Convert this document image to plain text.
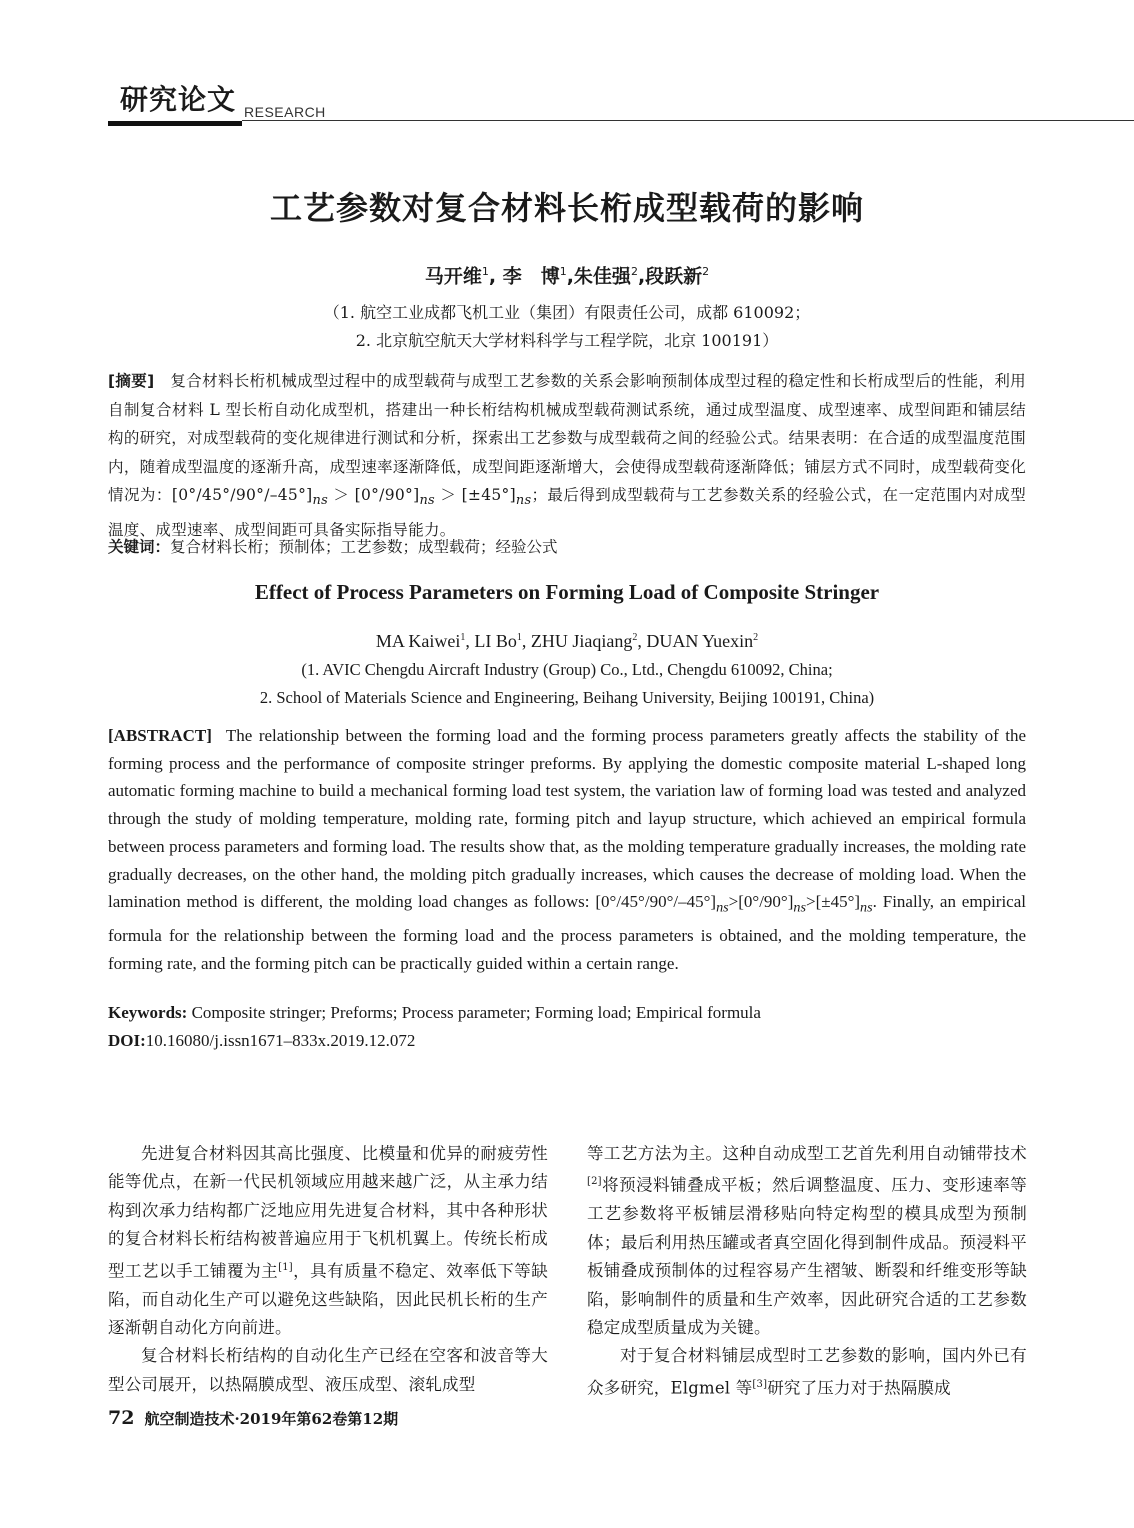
研究论文 RESEARCH
工艺参数对复合材料长桁成型载荷的影响
马开维$^1$, 李　博$^1$,朱佳强$^2$,段跃新$^2$
（1. 航空工业成都飞机工业（集团）有限责任公司，成都 610092；
2. 北京航空航天大学材料科学与工程学院，北京 100191）
[摘要]　 复合材料长桁机械成型过程中的成型载荷与成型工艺参数的关系会影响预制体成型过程的稳定性和长桁成型后的性能，利用自制复合材料 L 型长桁自动化成型机，搭建出一种长桁结构机械成型载荷测试系统，通过成型温度、成型速率、成型间距和铺层结构的研究，对成型载荷的变化规律进行测试和分析，探索出工艺参数与成型载荷之间的经验公式。结果表明：在合适的成型温度范围内，随着成型温度的逐渐升高，成型速率逐渐降低，成型间距逐渐增大，会使得成型载荷逐渐降低；铺层方式不同时，成型载荷变化情况为：$[0^\circ/45^\circ/90^\circ/-45^\circ]_{ns} > [0^\circ/90^\circ]_{ns} > [\pm 45^\circ]_{ns}$；最后得到成型载荷与工艺参数关系的经验公式，在一定范围内对成型温度、成型速率、成型间距可具备实际指导能力。
关键词：复合材料长桁；预制体；工艺参数；成型载荷；经验公式
Effect of Process Parameters on Forming Load of Composite Stringer
MA Kaiwei$^1$, LI Bo$^1$, ZHU Jiaqiang$^2$, DUAN Yuexin$^2$
(1. AVIC Chengdu Aircraft Industry (Group) Co., Ltd., Chengdu 610092, China;
2. School of Materials Science and Engineering, Beihang University, Beijing 100191, China)
[ABSTRACT] The relationship between the forming load and the forming process parameters greatly affects the stability of the forming process and the performance of composite stringer preforms. By applying the domestic composite material L-shaped long automatic forming machine to build a mechanical forming load test system, the variation law of forming load was tested and analyzed through the study of molding temperature, molding rate, forming pitch and layup structure, which achieved an empirical formula between process parameters and forming load. The results show that, as the molding temperature gradually increases, the molding rate gradually decreases, on the other hand, the molding pitch gradually increases, which causes the decrease of molding load. When the lamination method is different, the molding load changes as follows: $[0^\circ/45^\circ/90^\circ/-45^\circ]_{ns}>[0^\circ/90^\circ]_{ns}>[\pm 45^\circ]_{ns}$. Finally, an empirical formula for the relationship between the forming load and the process parameters is obtained, and the molding temperature, the forming rate, and the forming pitch can be practically guided within a certain range.
Keywords: Composite stringer; Preforms; Process parameter; Forming load; Empirical formula
DOI:10.16080/j.issn1671–833x.2019.12.072

先进复合材料因其高比强度、比模量和优异的耐疲劳性能等优点，在新一代民机领域应用越来越广泛，从主承力结构到次承力结构都广泛地应用先进复合材料，其中各种形状的复合材料长桁结构被普遍应用于飞机机翼上。传统长桁成型工艺以手工铺覆为主[1]，具有质量不稳定、效率低下等缺陷，而自动化生产可以避免这些缺陷，因此民机长桁的生产逐渐朝自动化方向前进。

复合材料长桁结构的自动化生产已经在空客和波音等大型公司展开，以热隔膜成型、液压成型、滚轧成型

等工艺方法为主。这种自动成型工艺首先利用自动铺带技术[2]将预浸料铺叠成平板；然后调整温度、压力、变形速率等工艺参数将平板铺层滑移贴向特定构型的模具成型为预制体；最后利用热压罐或者真空固化得到制件成品。预浸料平板铺叠成预制体的过程容易产生褶皱、断裂和纤维变形等缺陷，影响制件的质量和生产效率，因此研究合适的工艺参数稳定成型质量成为关键。

对于复合材料铺层成型时工艺参数的影响，国内外已有众多研究，Elgmel 等[3]研究了压力对于热隔膜成

72 航空制造技术·2019年第62卷第12期
